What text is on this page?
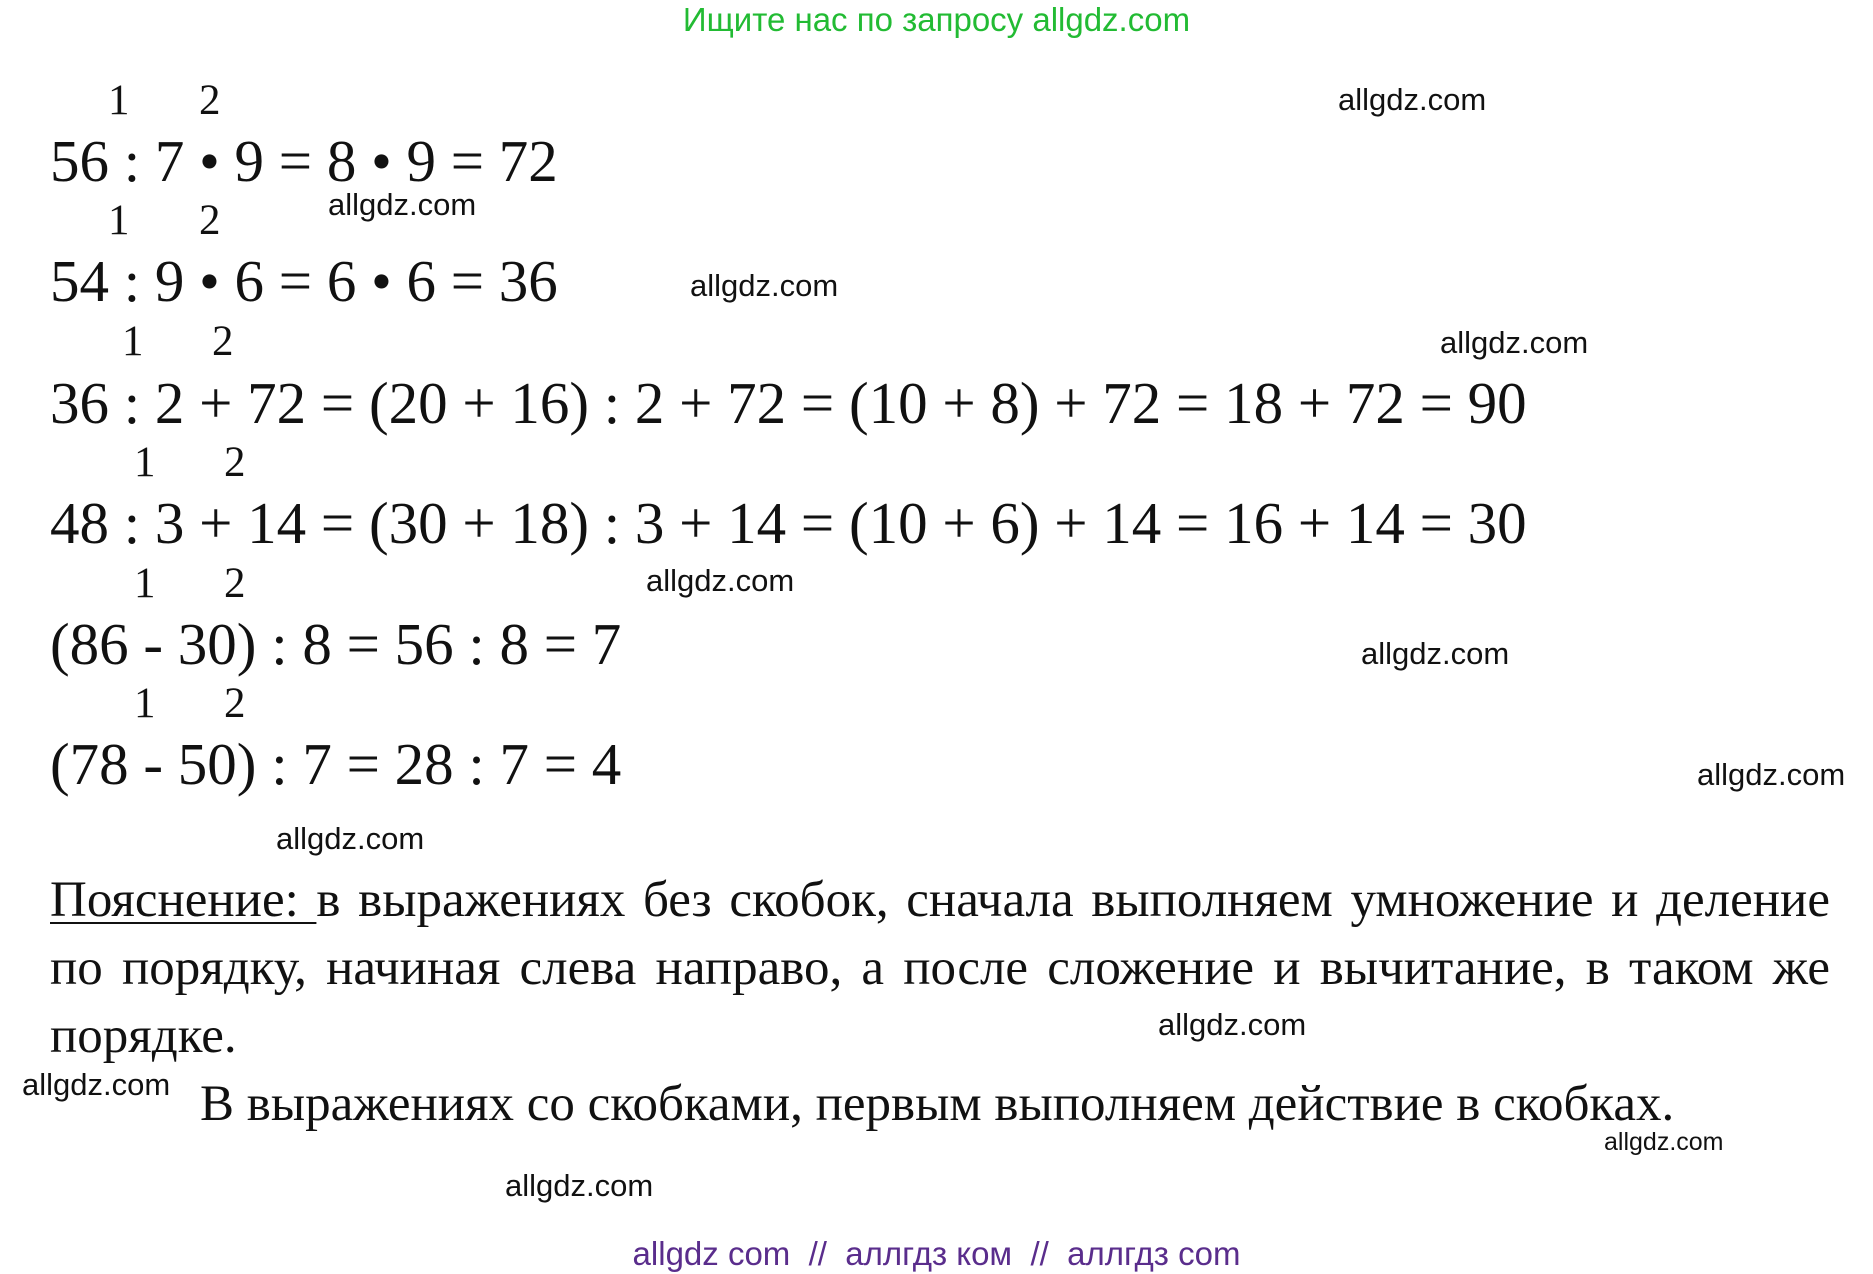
Ищите нас по запросу allgdz.com
1 2
56 : 7 • 9 = 8 • 9 = 72
1 2
54 : 9 • 6 = 6 • 6 = 36
1 2
36 : 2 + 72 = (20 + 16) : 2 + 72 = (10 + 8) + 72 = 18 + 72 = 90
1 2
48 : 3 + 14 = (30 + 18) : 3 + 14 = (10 + 6) + 14 = 16 + 14 = 30
1 2
(86 - 30) : 8 = 56 : 8 = 7
1 2
(78 - 50) : 7 = 28 : 7 = 4

Пояснение: в выражениях без скобок, сначала выполняем умножение и деление по порядку, начиная слева направо, а после сложение и вычитание, в таком же порядке.

В выражениях со скобками, первым выполняем действие в скобках.

allgdz.com
allgdz.com
allgdz.com
allgdz.com
allgdz.com
allgdz.com
allgdz.com
allgdz.com
allgdz.com
allgdz.com
allgdz.com
allgdz.com
allgdz com  //  аллгдз ком  //  аллгдз com
